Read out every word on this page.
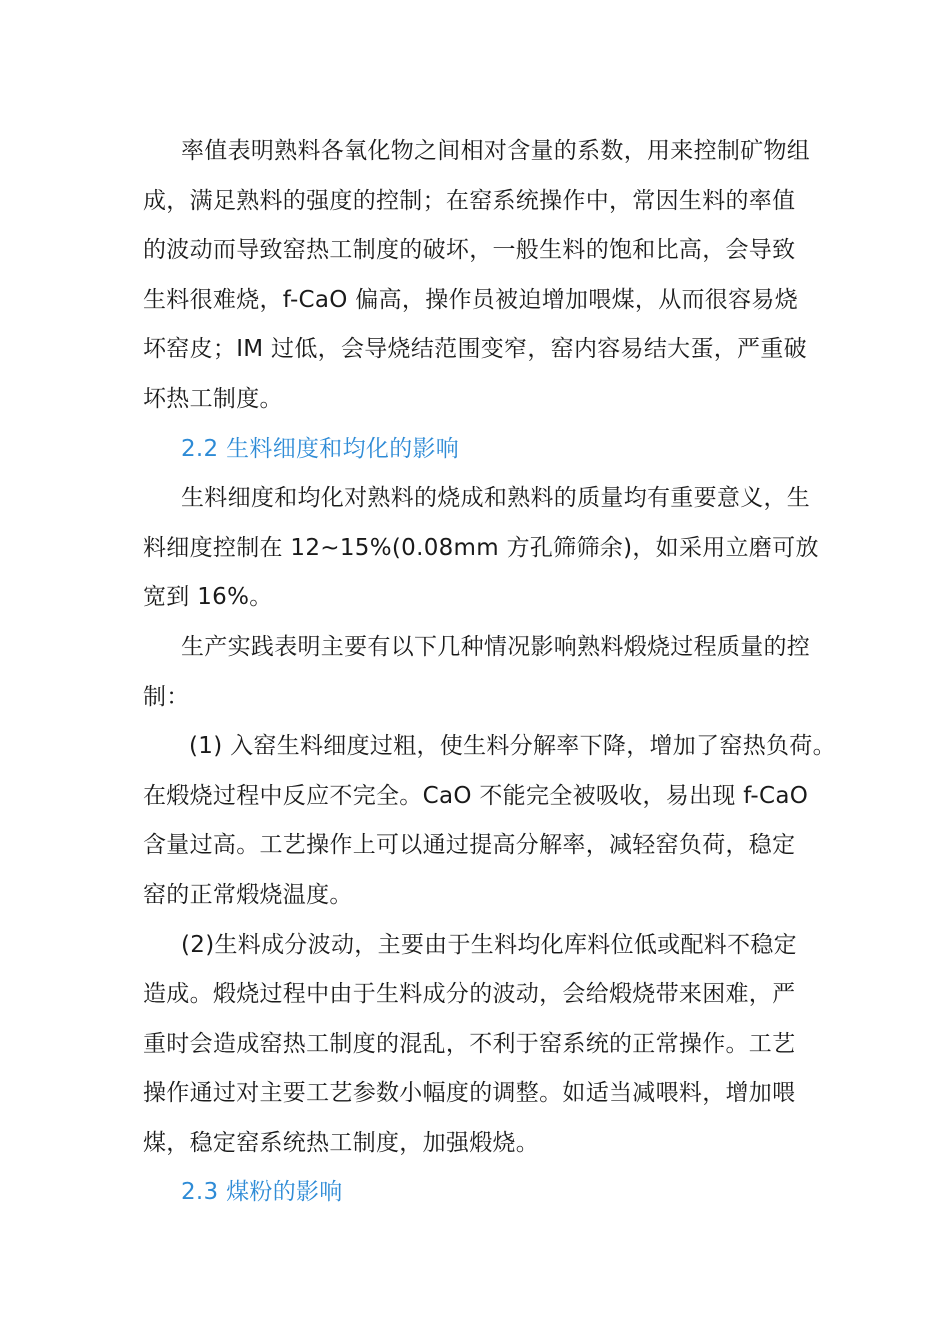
率值表明熟料各氧化物之间相对含量的系数，用来控制矿物组
成，满足熟料的强度的控制；在窑系统操作中，常因生料的率值
的波动而导致窑热工制度的破坏，一般生料的饱和比高，会导致
生料很难烧，f-CaO 偏高，操作员被迫增加喂煤，从而很容易烧
坏窑皮；IM 过低，会导烧结范围变窄，窑内容易结大蛋，严重破
坏热工制度。
2.2 生料细度和均化的影响
生料细度和均化对熟料的烧成和熟料的质量均有重要意义，生
料细度控制在 12~15%(0.08mm 方孔筛筛余)，如采用立磨可放
宽到 16%。
生产实践表明主要有以下几种情况影响熟料煅烧过程质量的控
制：
(1) 入窑生料细度过粗，使生料分解率下降，增加了窑热负荷。
在煅烧过程中反应不完全。CaO 不能完全被吸收，易出现 f-CaO
含量过高。工艺操作上可以通过提高分解率，减轻窑负荷，稳定
窑的正常煅烧温度。
(2)生料成分波动，主要由于生料均化库料位低或配料不稳定
造成。煅烧过程中由于生料成分的波动，会给煅烧带来困难，严
重时会造成窑热工制度的混乱，不利于窑系统的正常操作。工艺
操作通过对主要工艺参数小幅度的调整。如适当减喂料，增加喂
煤，稳定窑系统热工制度，加强煅烧。
2.3 煤粉的影响
